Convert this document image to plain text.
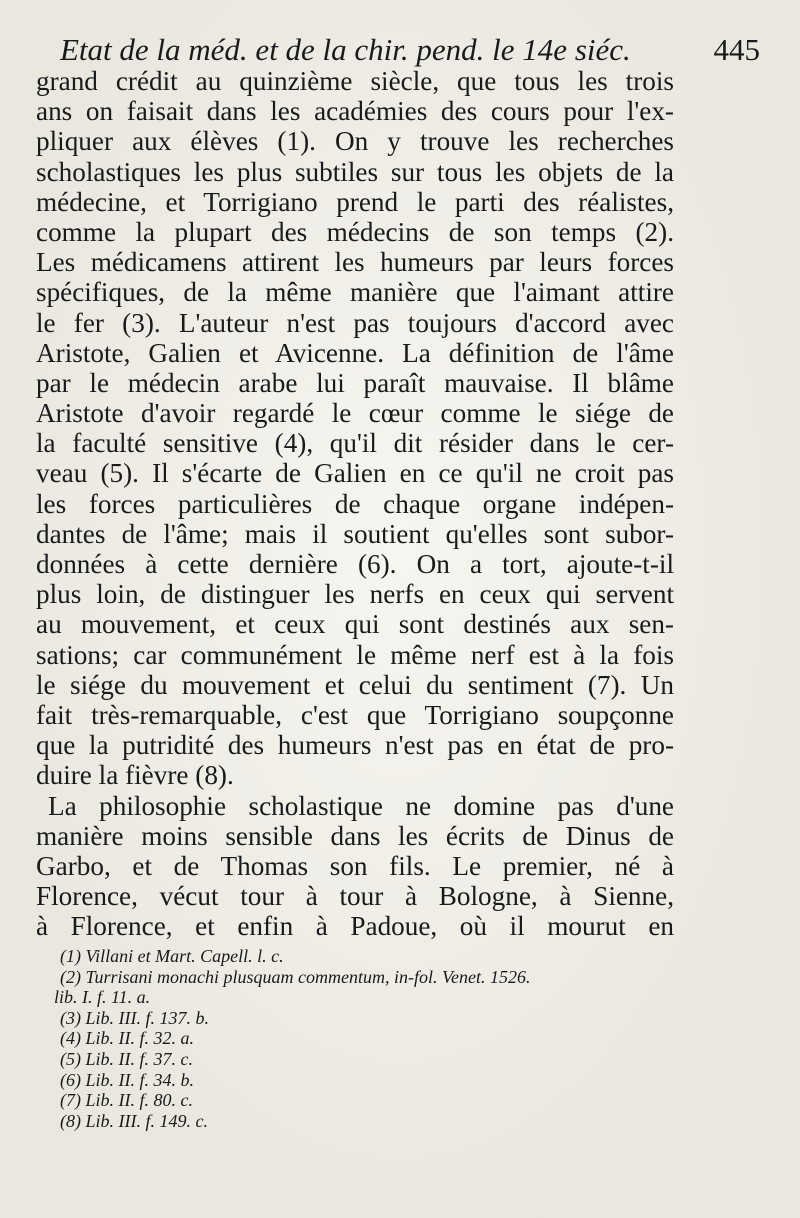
Etat de la méd. et de la chir. pend. le 14e siéc.	445
grand crédit au quinzième siècle, que tous les trois
ans on faisait dans les académies des cours pour l'ex-
pliquer aux élèves (1). On y trouve les recherches
scholastiques les plus subtiles sur tous les objets de la
médecine, et Torrigiano prend le parti des réalistes,
comme la plupart des médecins de son temps (2).
Les médicamens attirent les humeurs par leurs forces
spécifiques, de la même manière que l'aimant attire
le fer (3). L'auteur n'est pas toujours d'accord avec
Aristote, Galien et Avicenne. La définition de l'âme
par le médecin arabe lui paraît mauvaise. Il blâme
Aristote d'avoir regardé le cœur comme le siége de
la faculté sensitive (4), qu'il dit résider dans le cer-
veau (5). Il s'écarte de Galien en ce qu'il ne croit pas
les forces particulières de chaque organe indépen-
dantes de l'âme; mais il soutient qu'elles sont subor-
données à cette dernière (6). On a tort, ajoute-t-il
plus loin, de distinguer les nerfs en ceux qui servent
au mouvement, et ceux qui sont destinés aux sen-
sations; car communément le même nerf est à la fois
le siége du mouvement et celui du sentiment (7). Un
fait très-remarquable, c'est que Torrigiano soupçonne
que la putridité des humeurs n'est pas en état de pro-
duire la fièvre (8).
La philosophie scholastique ne domine pas d'une
manière moins sensible dans les écrits de Dinus de
Garbo, et de Thomas son fils. Le premier, né à
Florence, vécut tour à tour à Bologne, à Sienne,
à Florence, et enfin à Padoue, où il mourut en
(1) Villani et Mart. Capell. l. c.
(2) Turrisani monachi plusquam commentum, in-fol. Venet. 1526.
lib. I. f. 11. a.
(3) Lib. III. f. 137. b.
(4) Lib. II. f. 32. a.
(5) Lib. II. f. 37. c.
(6) Lib. II. f. 34. b.
(7) Lib. II. f. 80. c.
(8) Lib. III. f. 149. c.
